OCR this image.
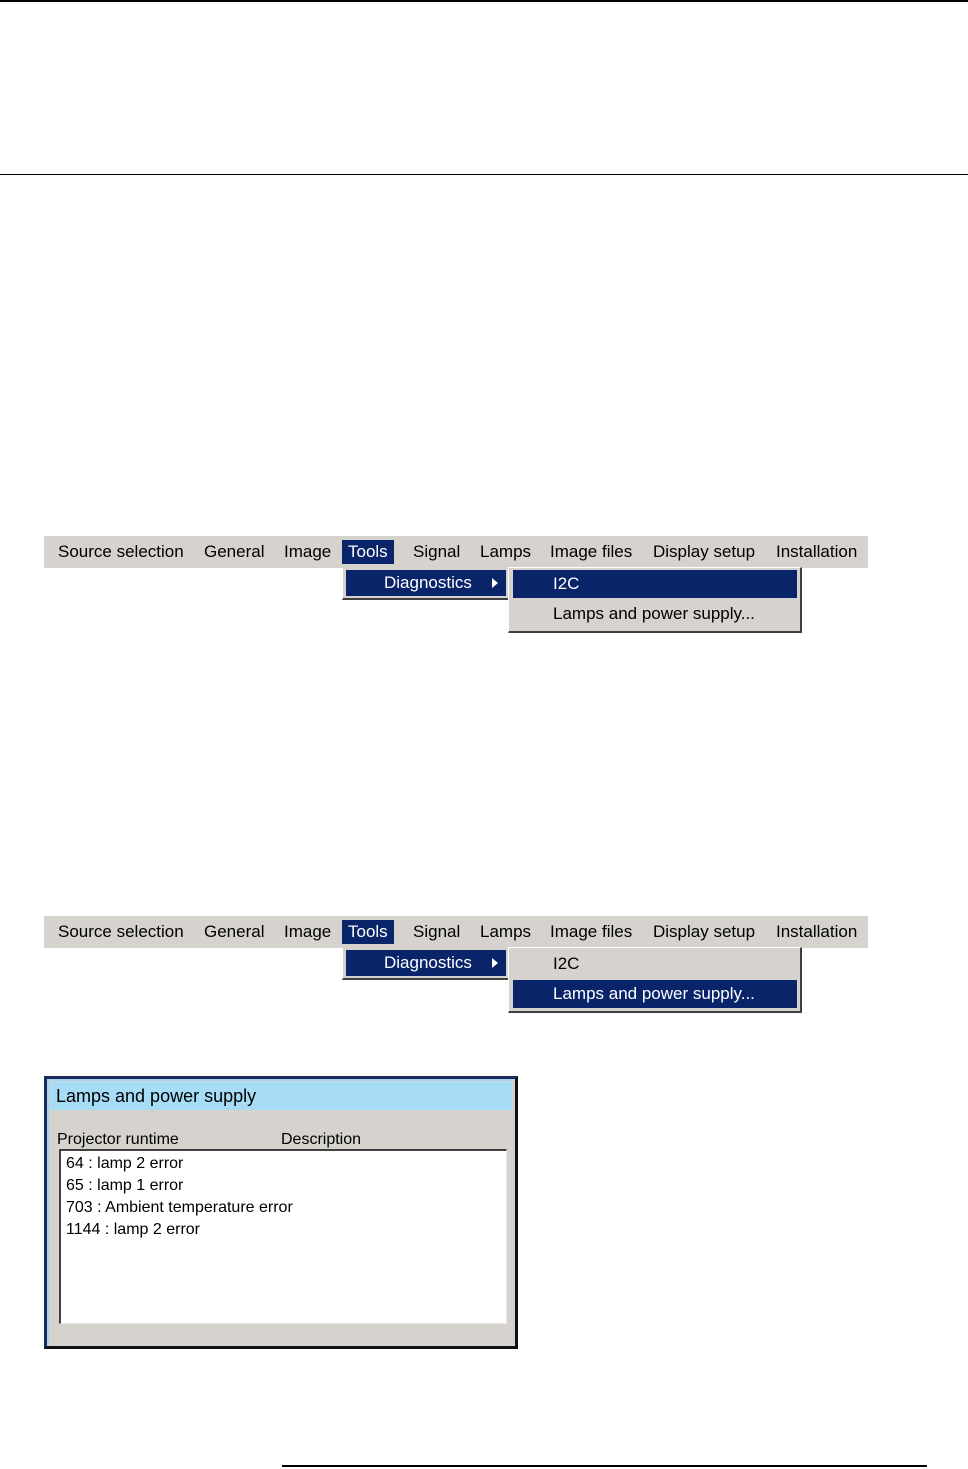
Source selection	General	Image Tools	Signal	Lamps	Image files	Display setup	Installation
Diagnostics	I2C
Lamps and power supply...
Source selection	General	Image Tools	Signal	Lamps	Image files	Display setup	Installation
Diagnostics	I2C
Lamps and power supply...
Lamps and power supply
Projector runtime	Description
64 : lamp 2 error
65 : lamp 1 error
703 : Ambient temperature error
1144 : lamp 2 error
